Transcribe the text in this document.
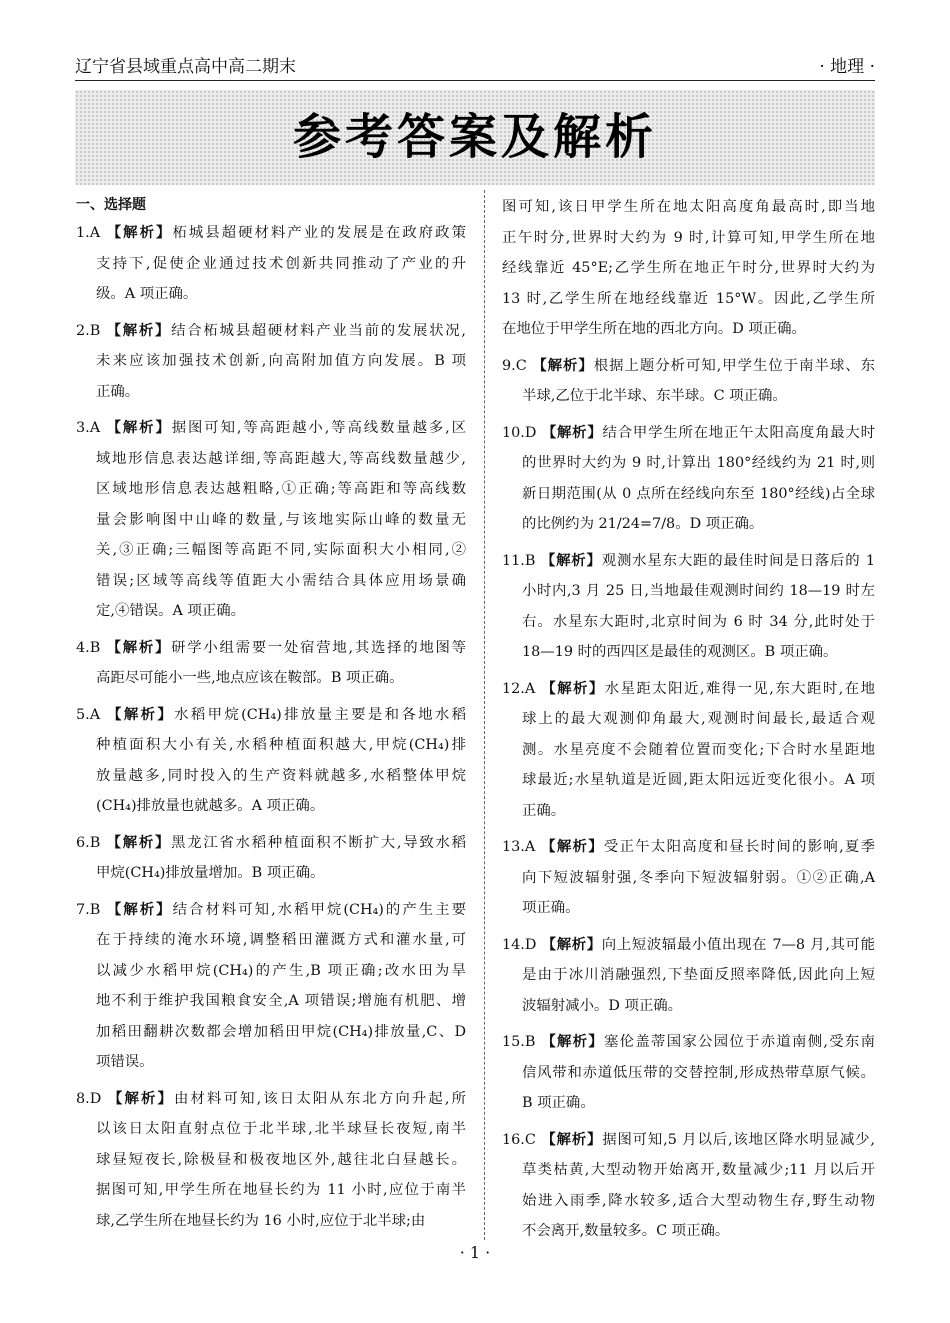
辽宁省县域重点高中高二期末	· 地理 ·
参考答案及解析
一、选择题
1.A 【解析】柘城县超硬材料产业的发展是在政府政策
支持下,促使企业通过技术创新共同推动了产业的升
级。A 项正确。
2.B 【解析】结合柘城县超硬材料产业当前的发展状况,
未来应该加强技术创新,向高附加值方向发展。B 项
正确。
3.A 【解析】据图可知,等高距越小,等高线数量越多,区
域地形信息表达越详细,等高距越大,等高线数量越少,
区域地形信息表达越粗略,①正确;等高距和等高线数
量会影响图中山峰的数量,与该地实际山峰的数量无
关,③正确;三幅图等高距不同,实际面积大小相同,②
错误;区域等高线等值距大小需结合具体应用场景确
定,④错误。A 项正确。
4.B 【解析】研学小组需要一处宿营地,其选择的地图等
高距尽可能小一些,地点应该在鞍部。B 项正确。
5.A 【解析】水稻甲烷(CH₄)排放量主要是和各地水稻
种植面积大小有关,水稻种植面积越大,甲烷(CH₄)排
放量越多,同时投入的生产资料就越多,水稻整体甲烷
(CH₄)排放量也就越多。A 项正确。
6.B 【解析】黑龙江省水稻种植面积不断扩大,导致水稻
甲烷(CH₄)排放量增加。B 项正确。
7.B 【解析】结合材料可知,水稻甲烷(CH₄)的产生主要
在于持续的淹水环境,调整稻田灌溉方式和灌水量,可
以减少水稻甲烷(CH₄)的产生,B 项正确;改水田为旱
地不利于维护我国粮食安全,A 项错误;增施有机肥、增
加稻田翻耕次数都会增加稻田甲烷(CH₄)排放量,C、D
项错误。
8.D 【解析】由材料可知,该日太阳从东北方向升起,所
以该日太阳直射点位于北半球,北半球昼长夜短,南半
球昼短夜长,除极昼和极夜地区外,越往北白昼越长。
据图可知,甲学生所在地昼长约为 11 小时,应位于南半
球,乙学生所在地昼长约为 16 小时,应位于北半球;由
图可知,该日甲学生所在地太阳高度角最高时,即当地
正午时分,世界时大约为 9 时,计算可知,甲学生所在地
经线靠近 45°E;乙学生所在地正午时分,世界时大约为
13 时,乙学生所在地经线靠近 15°W。因此,乙学生所
在地位于甲学生所在地的西北方向。D 项正确。
9.C 【解析】根据上题分析可知,甲学生位于南半球、东
半球,乙位于北半球、东半球。C 项正确。
10.D 【解析】结合甲学生所在地正午太阳高度角最大时
的世界时大约为 9 时,计算出 180°经线约为 21 时,则
新日期范围(从 0 点所在经线向东至 180°经线)占全球
的比例约为 21/24=7/8。D 项正确。
11.B 【解析】观测水星东大距的最佳时间是日落后的 1
小时内,3 月 25 日,当地最佳观测时间约 18—19 时左
右。水星东大距时,北京时间为 6 时 34 分,此时处于
18—19 时的西四区是最佳的观测区。B 项正确。
12.A 【解析】水星距太阳近,难得一见,东大距时,在地
球上的最大观测仰角最大,观测时间最长,最适合观
测。水星亮度不会随着位置而变化;下合时水星距地
球最近;水星轨道是近圆,距太阳远近变化很小。A 项
正确。
13.A 【解析】受正午太阳高度和昼长时间的影响,夏季
向下短波辐射强,冬季向下短波辐射弱。①②正确,A
项正确。
14.D 【解析】向上短波辐最小值出现在 7—8 月,其可能
是由于冰川消融强烈,下垫面反照率降低,因此向上短
波辐射减小。D 项正确。
15.B 【解析】塞伦盖蒂国家公园位于赤道南侧,受东南
信风带和赤道低压带的交替控制,形成热带草原气候。
B 项正确。
16.C 【解析】据图可知,5 月以后,该地区降水明显减少,
草类枯黄,大型动物开始离开,数量减少;11 月以后开
始进入雨季,降水较多,适合大型动物生存,野生动物
不会离开,数量较多。C 项正确。
· 1 ·
